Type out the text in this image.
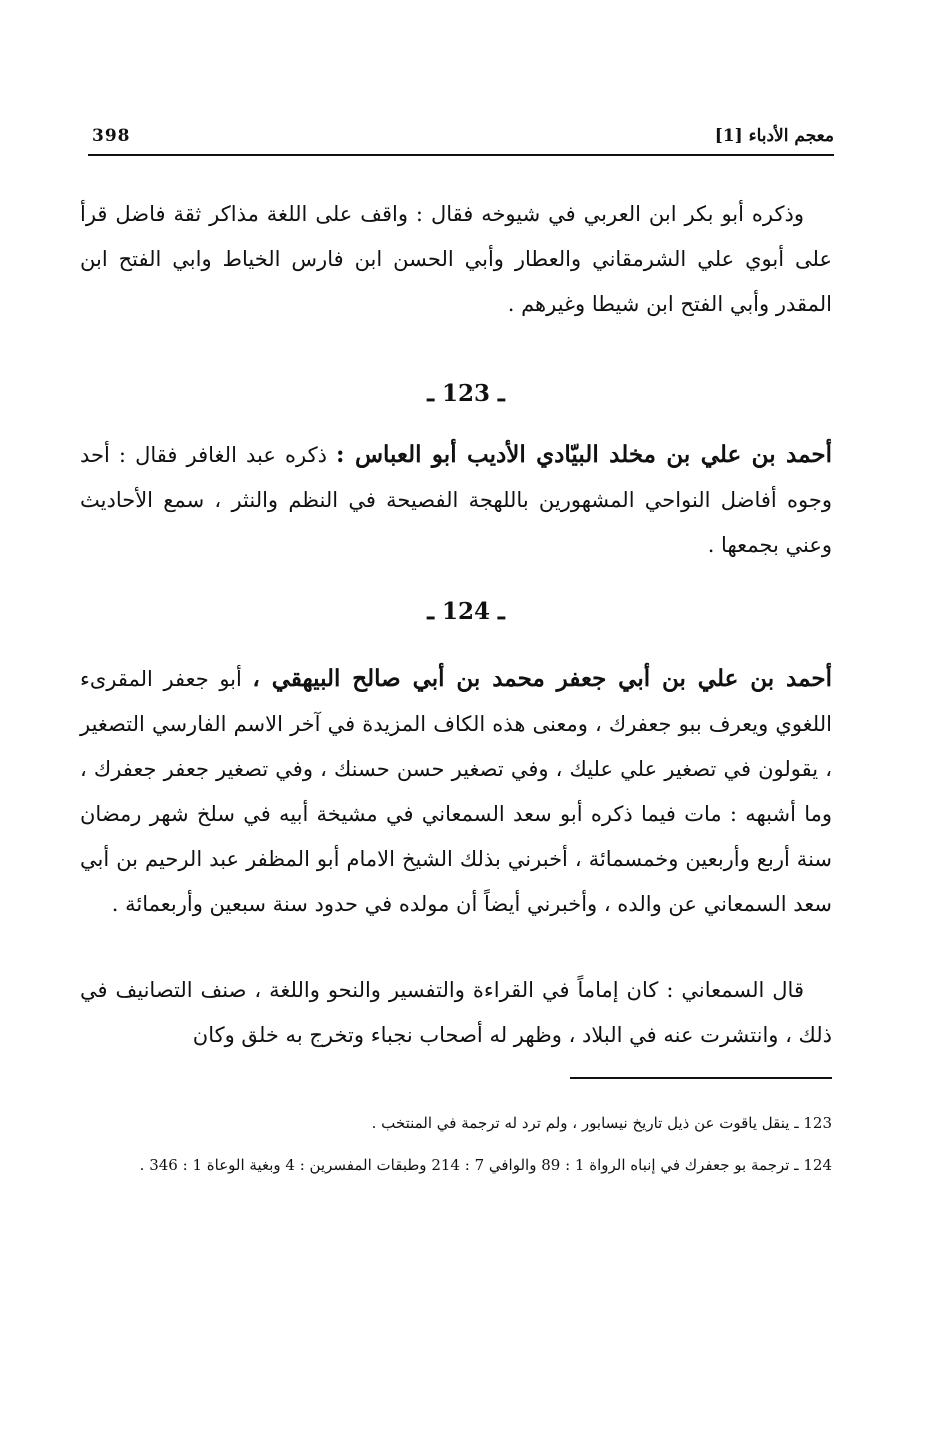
معجم الأدباء [1]
398

وذكره أبو بكر ابن العربي في شيوخه فقال : واقف على اللغة مذاكر ثقة فاضل قرأ على أبوي علي الشرمقاني والعطار وأبي الحسن ابن فارس الخياط وابي الفتح ابن المقدر وأبي الفتح ابن شيطا وغيرهم .

ـ 123 ـ

أحمد بن علي بن مخلد البيّادي الأديب أبو العباس : ذكره عبد الغافر فقال : أحد وجوه أفاضل النواحي المشهورين باللهجة الفصيحة في النظم والنثر ، سمع الأحاديث وعني بجمعها .

ـ 124 ـ

أحمد بن علي بن أبي جعفر محمد بن أبي صالح البيهقي ، أبو جعفر المقرىء اللغوي ويعرف ببو جعفرك ، ومعنى هذه الكاف المزيدة في آخر الاسم الفارسي التصغير ، يقولون في تصغير علي عليك ، وفي تصغير حسن حسنك ، وفي تصغير جعفر جعفرك ، وما أشبهه : مات فيما ذكره أبو سعد السمعاني في مشيخة أبيه في سلخ شهر رمضان سنة أربع وأربعين وخمسمائة ، أخبرني بذلك الشيخ الامام أبو المظفر عبد الرحيم بن أبي سعد السمعاني عن والده ، وأخبرني أيضاً أن مولده في حدود سنة سبعين وأربعمائة .

قال السمعاني : كان إماماً في القراءة والتفسير والنحو واللغة ، صنف التصانيف في ذلك ، وانتشرت عنه في البلاد ، وظهر له أصحاب نجباء وتخرج به خلق وكان

123 ـ ينقل ياقوت عن ذيل تاريخ نيسابور ، ولم ترد له ترجمة في المنتخب .

124 ـ ترجمة بو جعفرك في إنباه الرواة 1 : 89 والوافي 7 : 214 وطبقات المفسرين : 4 وبغية الوعاة 1 : 346 .
